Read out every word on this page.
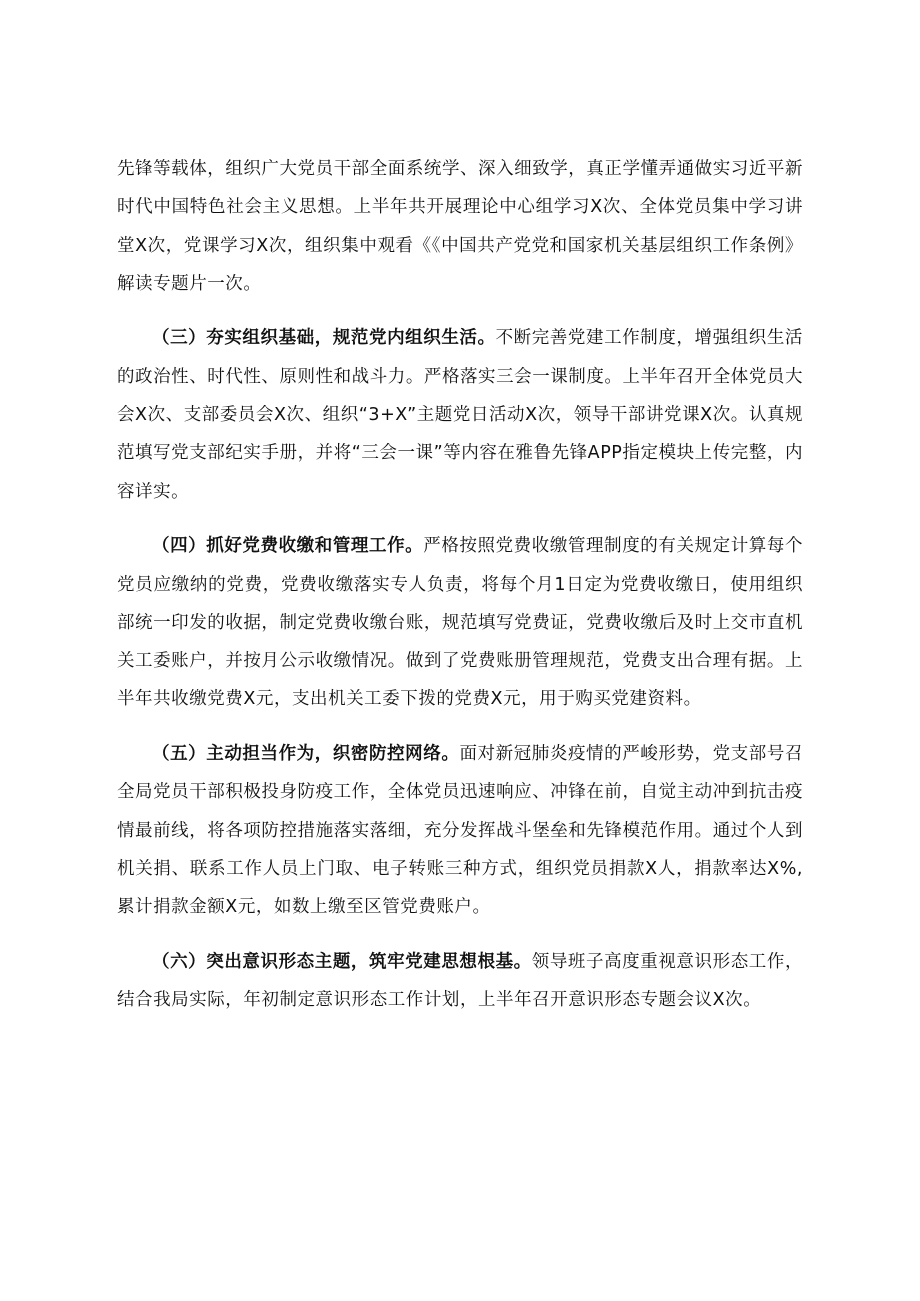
先锋等载体，组织广大党员干部全面系统学、深入细致学，真正学懂弄通做实习近平新时代中国特色社会主义思想。上半年共开展理论中心组学习X次、全体党员集中学习讲堂X次，党课学习X次，组织集中观看《《中国共产党党和国家机关基层组织工作条例》解读专题片一次。

（三）夯实组织基础，规范党内组织生活。不断完善党建工作制度，增强组织生活的政治性、时代性、原则性和战斗力。严格落实三会一课制度。上半年召开全体党员大会X次、支部委员会X次、组织“3+X”主题党日活动X次，领导干部讲党课X次。认真规范填写党支部纪实手册，并将“三会一课”等内容在雅鲁先锋APP指定模块上传完整，内容详实。

（四）抓好党费收缴和管理工作。严格按照党费收缴管理制度的有关规定计算每个党员应缴纳的党费，党费收缴落实专人负责，将每个月1日定为党费收缴日，使用组织部统一印发的收据，制定党费收缴台账，规范填写党费证，党费收缴后及时上交市直机关工委账户，并按月公示收缴情况。做到了党费账册管理规范，党费支出合理有据。上半年共收缴党费X元，支出机关工委下拨的党费X元，用于购买党建资料。

（五）主动担当作为，织密防控网络。面对新冠肺炎疫情的严峻形势，党支部号召全局党员干部积极投身防疫工作，全体党员迅速响应、冲锋在前，自觉主动冲到抗击疫情最前线，将各项防控措施落实落细，充分发挥战斗堡垒和先锋模范作用。通过个人到机关捐、联系工作人员上门取、电子转账三种方式，组织党员捐款X人，捐款率达X%,累计捐款金额X元，如数上缴至区管党费账户。

（六）突出意识形态主题，筑牢党建思想根基。领导班子高度重视意识形态工作，结合我局实际，年初制定意识形态工作计划，上半年召开意识形态专题会议X次。
